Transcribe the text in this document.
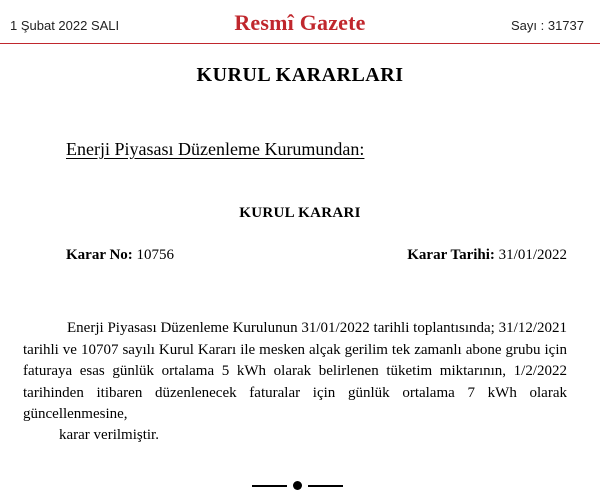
1 Şubat 2022 SALI	Resmî Gazete	Sayı : 31737
KURUL KARARLARI
Enerji Piyasası Düzenleme Kurumundan:
KURUL KARARI
Karar No: 10756	Karar Tarihi: 31/01/2022

Enerji Piyasası Düzenleme Kurulunun 31/01/2022 tarihli toplantısında; 31/12/2021 tarihli ve 10707 sayılı Kurul Kararı ile mesken alçak gerilim tek zamanlı abone grubu için faturaya esas günlük ortalama 5 kWh olarak belirlenen tüketim miktarının, 1/2/2022 tarihinden itibaren düzenlenecek faturalar için günlük ortalama 7 kWh olarak güncellenmesine,

karar verilmiştir.
